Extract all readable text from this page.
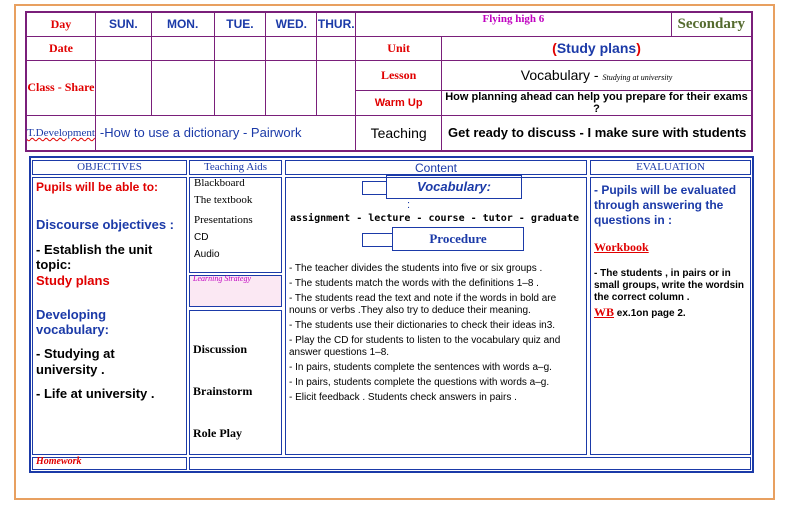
Day	SUN.	MON.	TUE.	WED.	THUR.	Flying high 6		Secondary
Date						Unit	(Study plans)	
Class - Share						Lesson	Vocabulary - Studying at university	
						Warm Up	How planning ahead can help you prepare for their exams ?	
T.Development	-How to use a dictionary - Pairwork					Teaching	Get ready to discuss - I make sure with students	
OBJECTIVES	Teaching Aids	Content	EVALUATION
Homework
Pupils will be able to:
Discourse objectives :
- Establish the unit topic:
Study plans
Developing vocabulary:
- Studying at university .
- Life at university .
Blackboard
The textbook
Presentations
CD
Audio
Learning Strategy
Discussion
Brainstorm
Role Play
Vocabulary:
:
assignment - lecture - course - tutor - graduate
Procedure

- The teacher divides the students into five or six groups .

- The students match the words with the definitions 1–8 .

- The students read the text and note if the words in bold are nouns or verbs .They also try to deduce their meaning.

- The students use their dictionaries to check their ideas in3.

- Play the CD for students to listen to the vocabulary quiz and answer questions 1–8.

- In pairs, students complete the sentences with words a–g.

- In pairs, students complete the questions with words a–g.

- Elicit feedback . Students check answers in pairs .

- Pupils will be evaluated through answering the questions in :
Workbook
- The students , in pairs or in small groups, write the wordsin the correct column .
WB ex.1on page 2.
